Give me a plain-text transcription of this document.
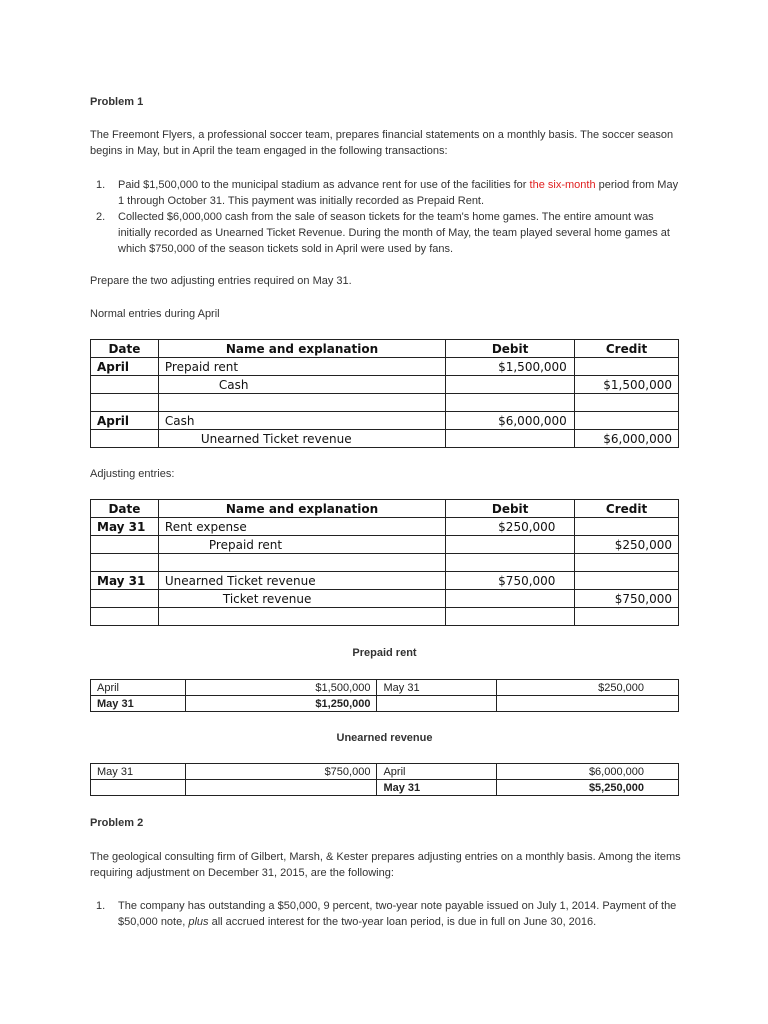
Problem 1
The Freemont Flyers, a professional soccer team, prepares financial statements on a monthly basis. The soccer season begins in May, but in April the team engaged in the following transactions:
1. Paid $1,500,000 to the municipal stadium as advance rent for use of the facilities for the six-month period from May 1 through October 31. This payment was initially recorded as Prepaid Rent.
2. Collected $6,000,000 cash from the sale of season tickets for the team's home games. The entire amount was initially recorded as Unearned Ticket Revenue. During the month of May, the team played several home games at which $750,000 of the season tickets sold in April were used by fans.
Prepare the two adjusting entries required on May 31.
Normal entries during April
Date	Name and explanation	Debit	Credit
April	Prepaid rent	$1,500,000	
	Cash		$1,500,000

April	Cash	$6,000,000	
	Unearned Ticket revenue		$6,000,000
Adjusting entries:
Date	Name and explanation	Debit	Credit
May 31	Rent expense	$250,000	
	Prepaid rent		$250,000

May 31	Unearned Ticket revenue	$750,000	
	Ticket revenue		$750,000

Prepaid rent
April	$1,500,000	May 31	$250,000
May 31	$1,250,000		
Unearned revenue
May 31	$750,000	April	$6,000,000
		May 31	$5,250,000
Problem 2
The geological consulting firm of Gilbert, Marsh, & Kester prepares adjusting entries on a monthly basis. Among the items requiring adjustment on December 31, 2015, are the following:
1. The company has outstanding a $50,000, 9 percent, two-year note payable issued on July 1, 2014. Payment of the $50,000 note, plus all accrued interest for the two-year loan period, is due in full on June 30, 2016.
